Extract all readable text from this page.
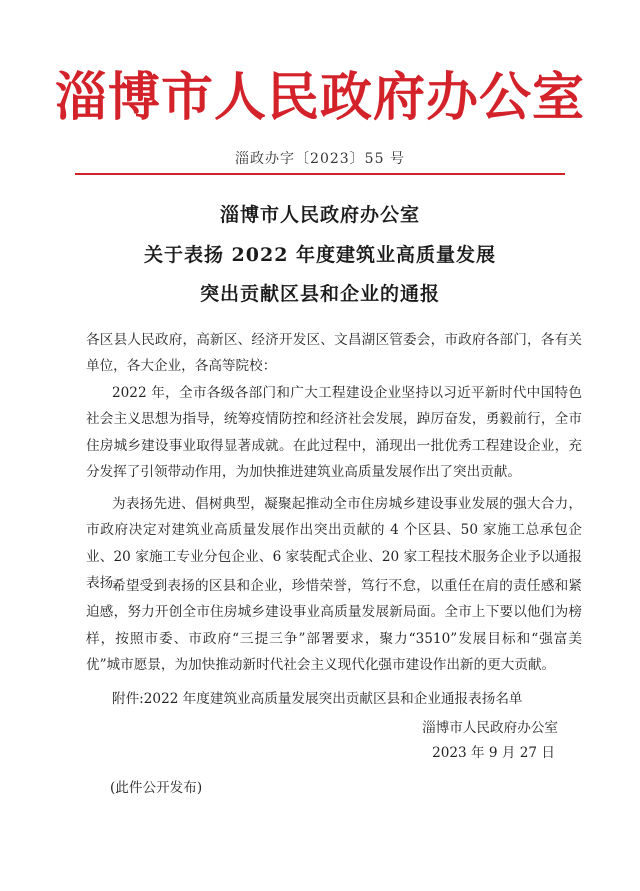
淄博市人民政府办公室
淄政办字〔2023〕55 号
淄博市人民政府办公室
关于表扬 2022 年度建筑业高质量发展
突出贡献区县和企业的通报
各区县人民政府，高新区、经济开发区、文昌湖区管委会，市政府各部门，各有关单位，各大企业，各高等院校：
2022 年，全市各级各部门和广大工程建设企业坚持以习近平新时代中国特色社会主义思想为指导，统筹疫情防控和经济社会发展，踔厉奋发，勇毅前行，全市住房城乡建设事业取得显著成就。在此过程中，涌现出一批优秀工程建设企业，充分发挥了引领带动作用，为加快推进建筑业高质量发展作出了突出贡献。
为表扬先进、倡树典型，凝聚起推动全市住房城乡建设事业发展的强大合力，市政府决定对建筑业高质量发展作出突出贡献的 4 个区县、50 家施工总承包企业、20 家施工专业分包企业、6 家装配式企业、20 家工程技术服务企业予以通报表扬。
希望受到表扬的区县和企业，珍惜荣誉，笃行不怠，以重任在肩的责任感和紧迫感，努力开创全市住房城乡建设事业高质量发展新局面。全市上下要以他们为榜样，按照市委、市政府“三提三争”部署要求，聚力“3510”发展目标和“强富美优”城市愿景，为加快推动新时代社会主义现代化强市建设作出新的更大贡献。
附件:2022 年度建筑业高质量发展突出贡献区县和企业通报表扬名单
淄博市人民政府办公室
2023 年 9 月 27 日
(此件公开发布)
